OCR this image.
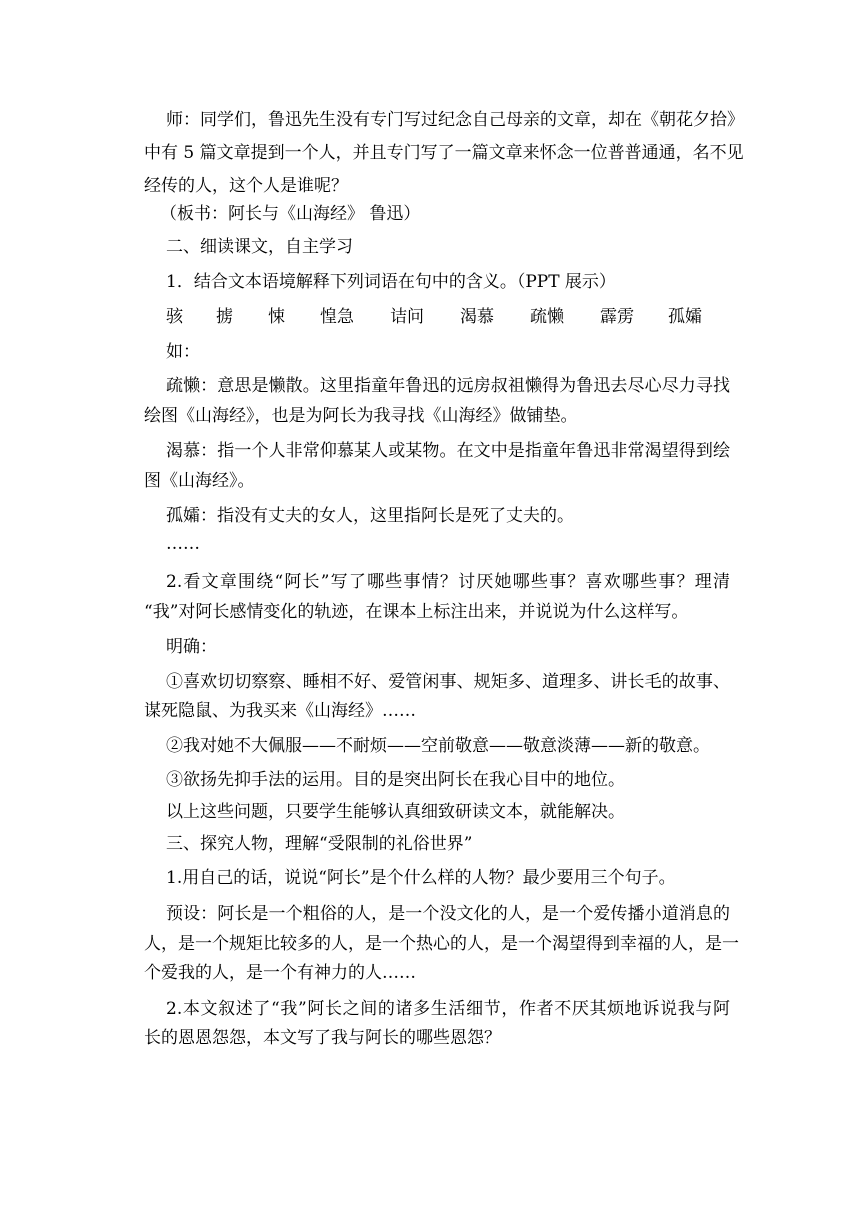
师：同学们，鲁迅先生没有专门写过纪念自己母亲的文章，却在《朝花夕拾》

中有 5 篇文章提到一个人，并且专门写了一篇文章来怀念一位普普通通，名不见

经传的人，这个人是谁呢？

（板书：阿长与《山海经》 鲁迅）

二、细读课文，自主学习

1．结合文本语境解释下列词语在句中的含义。（PPT 展示）

骇 掳 悚 惶急 诘问 渴慕 疏懒 霹雳 孤孀

如：

疏懒：意思是懒散。这里指童年鲁迅的远房叔祖懒得为鲁迅去尽心尽力寻找

绘图《山海经》，也是为阿长为我寻找《山海经》做铺垫。

渴慕：指一个人非常仰慕某人或某物。在文中是指童年鲁迅非常渴望得到绘

图《山海经》。

孤孀：指没有丈夫的女人，这里指阿长是死了丈夫的。

……

2.看文章围绕“阿长”写了哪些事情？讨厌她哪些事？喜欢哪些事？理清

“我”对阿长感情变化的轨迹，在课本上标注出来，并说说为什么这样写。

明确：

①喜欢切切察察、睡相不好、爱管闲事、规矩多、道理多、讲长毛的故事、

谋死隐鼠、为我买来《山海经》……

②我对她不大佩服——不耐烦——空前敬意——敬意淡薄——新的敬意。

③欲扬先抑手法的运用。目的是突出阿长在我心目中的地位。

以上这些问题，只要学生能够认真细致研读文本，就能解决。

三、探究人物，理解“受限制的礼俗世界”

1.用自己的话，说说“阿长”是个什么样的人物？最少要用三个句子。

预设：阿长是一个粗俗的人，是一个没文化的人，是一个爱传播小道消息的

人，是一个规矩比较多的人，是一个热心的人，是一个渴望得到幸福的人，是一

个爱我的人，是一个有神力的人……

2.本文叙述了“我”阿长之间的诸多生活细节，作者不厌其烦地诉说我与阿

长的恩恩怨怨，本文写了我与阿长的哪些恩怨？
